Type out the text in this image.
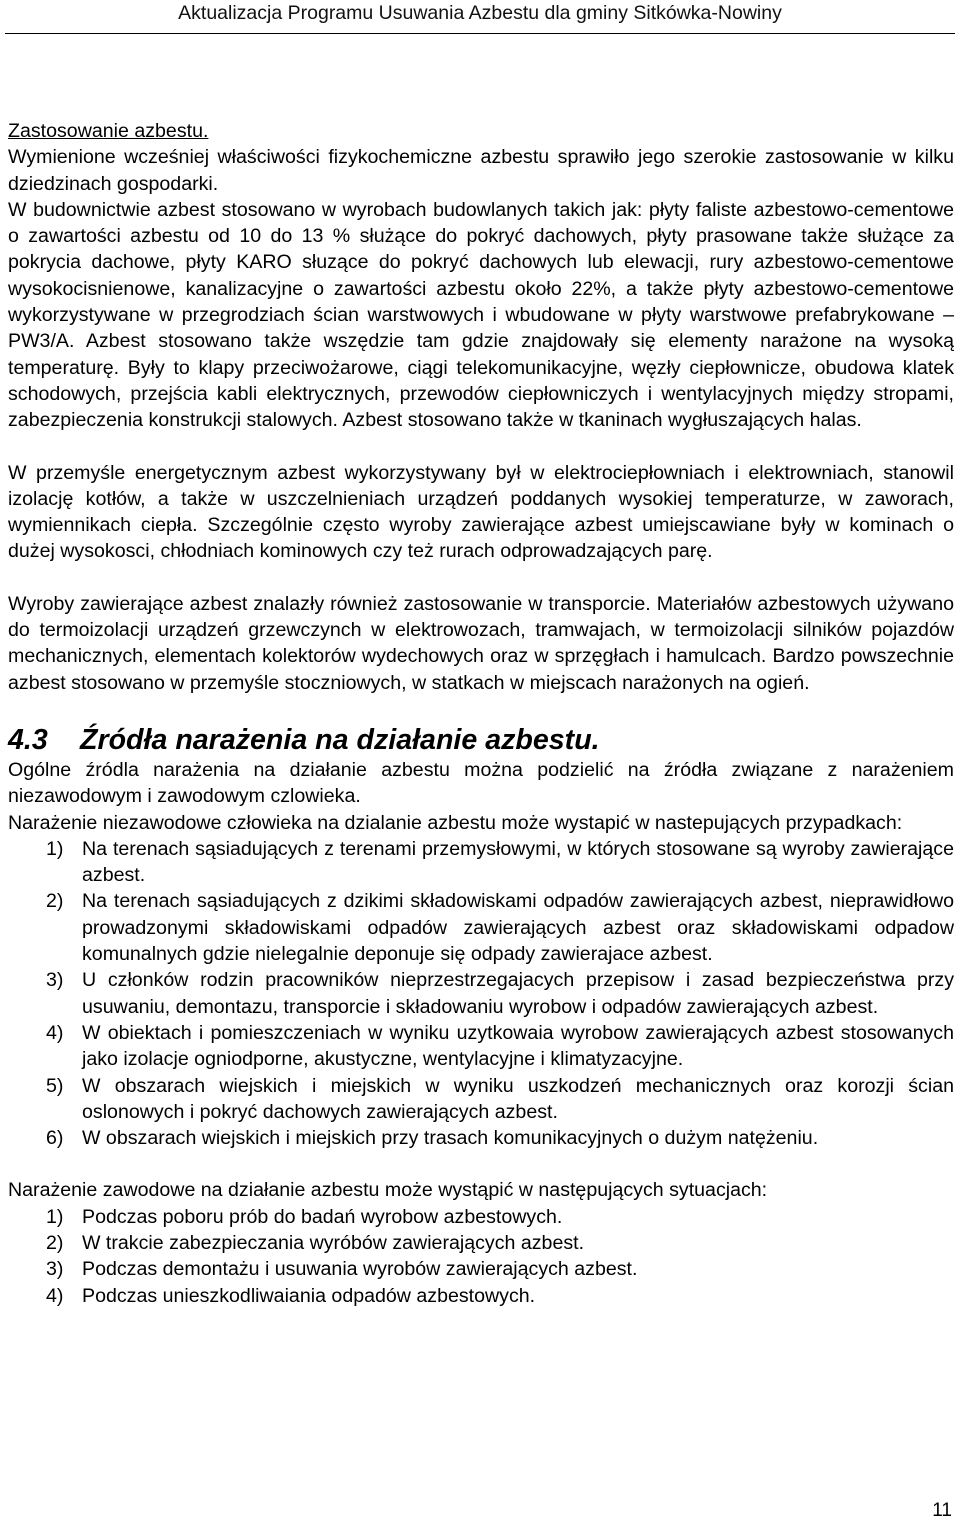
Aktualizacja Programu Usuwania Azbestu dla gminy Sitkówka-Nowiny

Zastosowanie azbestu.

Wymienione wcześniej właściwości fizykochemiczne azbestu sprawiło jego szerokie zastosowanie w kilku dziedzinach gospodarki.

W budownictwie azbest stosowano w wyrobach budowlanych takich jak: płyty faliste azbestowo-cementowe o zawartości azbestu od 10 do 13 % służące do pokryć dachowych, płyty prasowane także służące za pokrycia dachowe, płyty KARO słuzące do pokryć dachowych lub elewacji, rury azbestowo-cementowe wysokocisnienowe, kanalizacyjne o zawartości azbestu około 22%, a także płyty azbestowo-cementowe wykorzystywane w przegrodziach ścian warstwowych i wbudowane w płyty warstwowe prefabrykowane – PW3/A. Azbest stosowano także wszędzie tam gdzie znajdowały się elementy narażone na wysoką temperaturę. Były to klapy przeciwożarowe, ciągi telekomunikacyjne, węzły ciepłownicze, obudowa klatek schodowych, przejścia kabli elektrycznych, przewodów ciepłowniczych i wentylacyjnych między stropami, zabezpieczenia konstrukcji stalowych. Azbest stosowano także w tkaninach wygłuszających halas.

W przemyśle energetycznym azbest wykorzystywany był w elektrociepłowniach i elektrowniach, stanowil izolację kotłów, a także w uszczelnieniach urządzeń poddanych wysokiej temperaturze, w zaworach, wymiennikach ciepła. Szczególnie często wyroby zawierające azbest umiejscawiane były w kominach o dużej wysokosci, chłodniach kominowych czy też rurach odprowadzających parę.

Wyroby zawierające azbest znalazły również zastosowanie w transporcie. Materiałów azbestowych używano do termoizolacji urządzeń grzewczynch w elektrowozach, tramwajach, w termoizolacji silników pojazdów mechanicznych, elementach kolektorów wydechowych oraz w sprzęgłach i hamulcach. Bardzo powszechnie azbest stosowano w przemyśle stoczniowych, w statkach w miejscach narażonych na ogień.

4.3 Źródła narażenia na działanie azbestu.

Ogólne źródla narażenia na działanie azbestu można podzielić na źródła związane z narażeniem niezawodowym i zawodowym czlowieka.

Narażenie niezawodowe człowieka na dzialanie azbestu może wystapić w nastepujących przypadkach:

1) Na terenach sąsiadujących z terenami przemysłowymi, w których stosowane są wyroby zawierające azbest.
2) Na terenach sąsiadujących z dzikimi składowiskami odpadów zawierających azbest, nieprawidłowo prowadzonymi składowiskami odpadów zawierających azbest oraz składowiskami odpadow komunalnych gdzie nielegalnie deponuje się odpady zawierajace azbest.
3) U członków rodzin pracowników nieprzestrzegajacych przepisow i zasad bezpieczeństwa przy usuwaniu, demontazu, transporcie i składowaniu wyrobow i odpadów zawierających azbest.
4) W obiektach i pomieszczeniach w wyniku uzytkowaia wyrobow zawierających azbest stosowanych jako izolacje ogniodporne, akustyczne, wentylacyjne i klimatyzacyjne.
5) W obszarach wiejskich i miejskich w wyniku uszkodzeń mechanicznych oraz korozji ścian oslonowych i pokryć dachowych zawierających azbest.
6) W obszarach wiejskich i miejskich przy trasach komunikacyjnych o dużym natężeniu.

Narażenie zawodowe na działanie azbestu może wystąpić w następujących sytuacjach:

1) Podczas poboru prób do badań wyrobow azbestowych.
2) W trakcie zabezpieczania wyróbów zawierających azbest.
3) Podczas demontażu i usuwania wyrobów zawierających azbest.
4) Podczas unieszkodliwaiania odpadów azbestowych.
11
